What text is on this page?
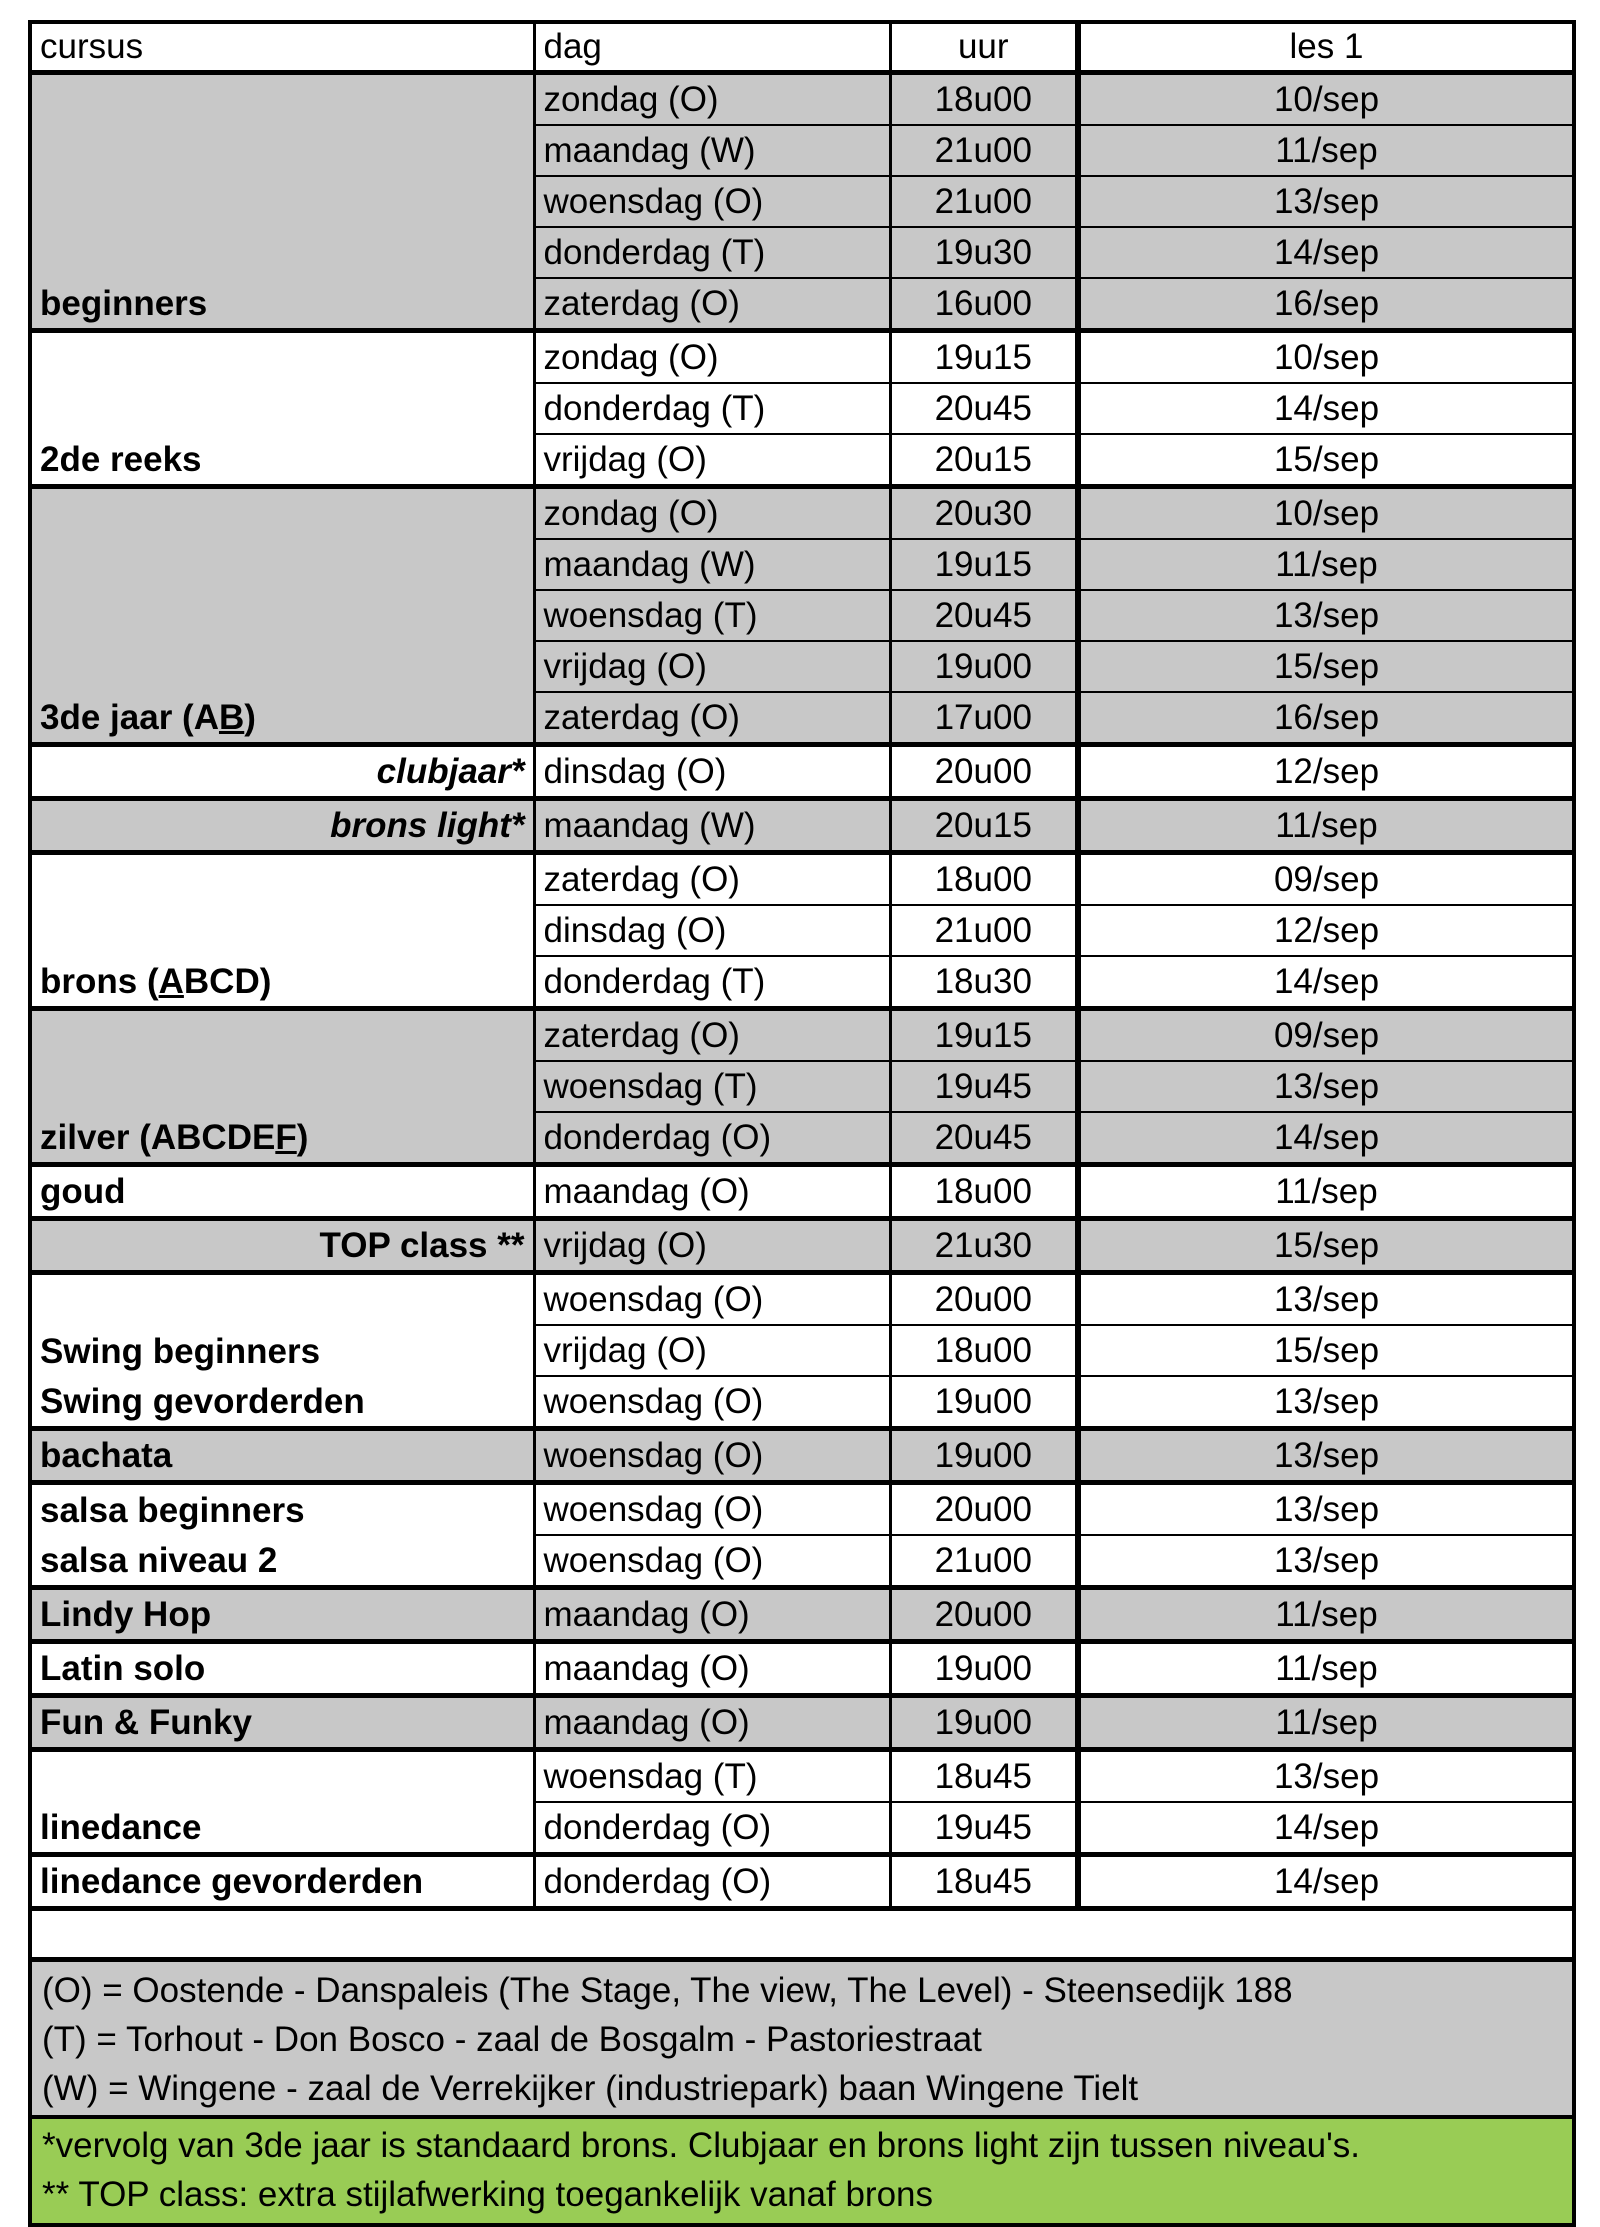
cursus	dag	uur	les 1
beginners	zondag (O)	18u00	10/sep
	maandag (W)	21u00	11/sep
	woensdag (O)	21u00	13/sep
	donderdag (T)	19u30	14/sep
	zaterdag (O)	16u00	16/sep
2de reeks	zondag (O)	19u15	10/sep
	donderdag (T)	20u45	14/sep
	vrijdag (O)	20u15	15/sep
3de jaar (AB)	zondag (O)	20u30	10/sep
	maandag (W)	19u15	11/sep
	woensdag (T)	20u45	13/sep
	vrijdag (O)	19u00	15/sep
	zaterdag (O)	17u00	16/sep
clubjaar*	dinsdag (O)	20u00	12/sep
brons light*	maandag (W)	20u15	11/sep
brons (ABCD)	zaterdag (O)	18u00	09/sep
	dinsdag (O)	21u00	12/sep
	donderdag (T)	18u30	14/sep
zilver (ABCDEF)	zaterdag (O)	19u15	09/sep
	woensdag (T)	19u45	13/sep
	donderdag (O)	20u45	14/sep
goud	maandag (O)	18u00	11/sep
TOP class **	vrijdag (O)	21u30	15/sep
Swing beginners	woensdag (O)	20u00	13/sep
	vrijdag (O)	18u00	15/sep
Swing gevorderden	woensdag (O)	19u00	13/sep
bachata	woensdag (O)	19u00	13/sep
salsa beginners	woensdag (O)	20u00	13/sep
salsa niveau 2	woensdag (O)	21u00	13/sep
Lindy Hop	maandag (O)	20u00	11/sep
Latin solo	maandag (O)	19u00	11/sep
Fun & Funky	maandag (O)	19u00	11/sep
linedance	woensdag (T)	18u45	13/sep
	donderdag (O)	19u45	14/sep
linedance gevorderden	donderdag (O)	18u45	14/sep
(O) = Oostende - Danspaleis (The Stage, The view, The Level) - Steensedijk 188
(T) = Torhout - Don Bosco - zaal de Bosgalm - Pastoriestraat
(W) = Wingene - zaal de Verrekijker (industriepark) baan Wingene Tielt
*vervolg van 3de jaar is standaard brons. Clubjaar en brons light zijn tussen niveau's.
** TOP class: extra stijlafwerking toegankelijk vanaf brons
